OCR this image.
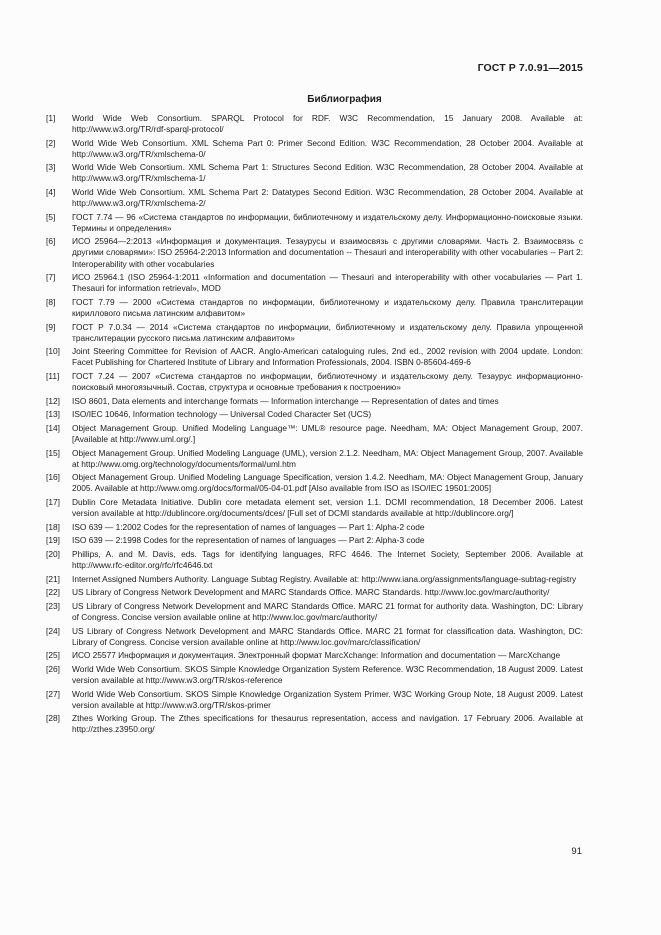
ГОСТ Р 7.0.91—2015
Библиография
[1]	World Wide Web Consortium. SPARQL Protocol for RDF. W3C Recommendation, 15 January 2008. Available at: http://www.w3.org/TR/rdf-sparql-protocol/
[2]	World Wide Web Consortium. XML Schema Part 0: Primer Second Edition. W3C Recommendation, 28 October 2004. Available at http://www.w3.org/TR/xmlschema-0/
[3]	World Wide Web Consortium. XML Schema Part 1: Structures Second Edition. W3C Recommendation, 28 October 2004. Available at http://www.w3.org/TR/xmlschema-1/
[4]	World Wide Web Consortium. XML Schema Part 2: Datatypes Second Edition. W3C Recommendation, 28 October 2004. Available at http://www.w3.org/TR/xmlschema-2/
[5]	ГОСТ 7.74 — 96 «Система стандартов по информации, библиотечному и издательскому делу. Информационно-поисковые языки. Термины и определения»
[6]	ИСО 25964—2:2013 «Информация и документация. Тезаурусы и взаимосвязь с другими словарями. Часть 2. Взаимосвязь с другими словарями»: ISO 25964-2:2013 Information and documentation -- Thesauri and interoperability with other vocabularies -- Part 2: Interoperability with other vocabularies
[7]	ИСО 25964.1 (ISO 25964-1:2011 «Information and documentation — Thesauri and interoperability with other vocabularies — Part 1. Thesauri for information retrieval», MOD
[8]	ГОСТ 7.79 — 2000 «Система стандартов по информации, библиотечному и издательскому делу. Правила транслитерации кириллового письма латинским алфавитом»
[9]	ГОСТ Р 7.0.34 — 2014 «Система стандартов по информации, библиотечному и издательскому делу. Правила упрощенной транслитерации русского письма латинским алфавитом»
[10]	Joint Steering Committee for Revision of AACR. Anglo-American cataloguing rules, 2nd ed., 2002 revision with 2004 update. London: Facet Publishing for Chartered Institute of Library and Information Professionals, 2004. ISBN 0-85604-469-6
[11]	ГОСТ 7.24 — 2007 «Система стандартов по информации, библиотечному и издательскому делу. Тезаурус информационно-поисковый многоязычный. Состав, структура и основные требования к построению»
[12]	ISO 8601, Data elements and interchange formats — Information interchange — Representation of dates and times
[13]	ISO/IEC 10646, Information technology — Universal Coded Character Set (UCS)
[14]	Object Management Group. Unified Modeling Language™: UML® resource page. Needham, MA: Object Management Group, 2007. [Available at http://www.uml.org/.]
[15]	Object Management Group. Unified Modeling Language (UML), version 2.1.2. Needham, MA: Object Management Group, 2007. Available at http://www.omg.org/technology/documents/formal/uml.htm
[16]	Object Management Group. Unified Modeling Language Specification, version 1.4.2. Needham, MA: Object Management Group, January 2005. Available at http://www.omg.org/docs/formal/05-04-01.pdf [Also available from ISO as ISO/IEC 19501:2005]
[17]	Dublin Core Metadata Initiative. Dublin core metadata element set, version 1.1. DCMI recommendation, 18 December 2006. Latest version available at http://dublincore.org/documents/dces/ [Full set of DCMI standards available at http://dublincore.org/]
[18]	ISO 639 — 1:2002 Codes for the representation of names of languages — Part 1: Alpha-2 code
[19]	ISO 639 — 2:1998 Codes for the representation of names of languages — Part 2: Alpha-3 code
[20]	Phillips, A. and M. Davis, eds. Tags for identifying languages, RFC 4646. The Internet Society, September 2006. Available at http://www.rfc-editor.org/rfc/rfc4646.txt
[21]	Internet Assigned Numbers Authority. Language Subtag Registry. Available at: http://www.iana.org/assignments/language-subtag-registry
[22]	US Library of Congress Network Development and MARC Standards Office. MARC Standards. http://www.loc.gov/marc/authority/
[23]	US Library of Congress Network Development and MARC Standards Office. MARC 21 format for authority data. Washington, DC: Library of Congress. Concise version available online at http://www.loc.gov/marc/authority/
[24]	US Library of Congress Network Development and MARC Standards Office. MARC 21 format for classification data. Washington, DC: Library of Congress. Concise version available online at http://www.loc.gov/marc/classification/
[25]	ИСО 25577 Информация и документация. Электронный формат MarcXchange: Information and documentation — MarcXchange
[26]	World Wide Web Consortium. SKOS Simple Knowledge Organization System Reference. W3C Recommendation, 18 August 2009. Latest version available at http://www.w3.org/TR/skos-reference
[27]	World Wide Web Consortium. SKOS Simple Knowledge Organization System Primer. W3C Working Group Note, 18 August 2009. Latest version available at http://www.w3.org/TR/skos-primer
[28]	Zthes Working Group. The Zthes specifications for thesaurus representation, access and navigation. 17 February 2006. Available at http://zthes.z3950.org/
91
